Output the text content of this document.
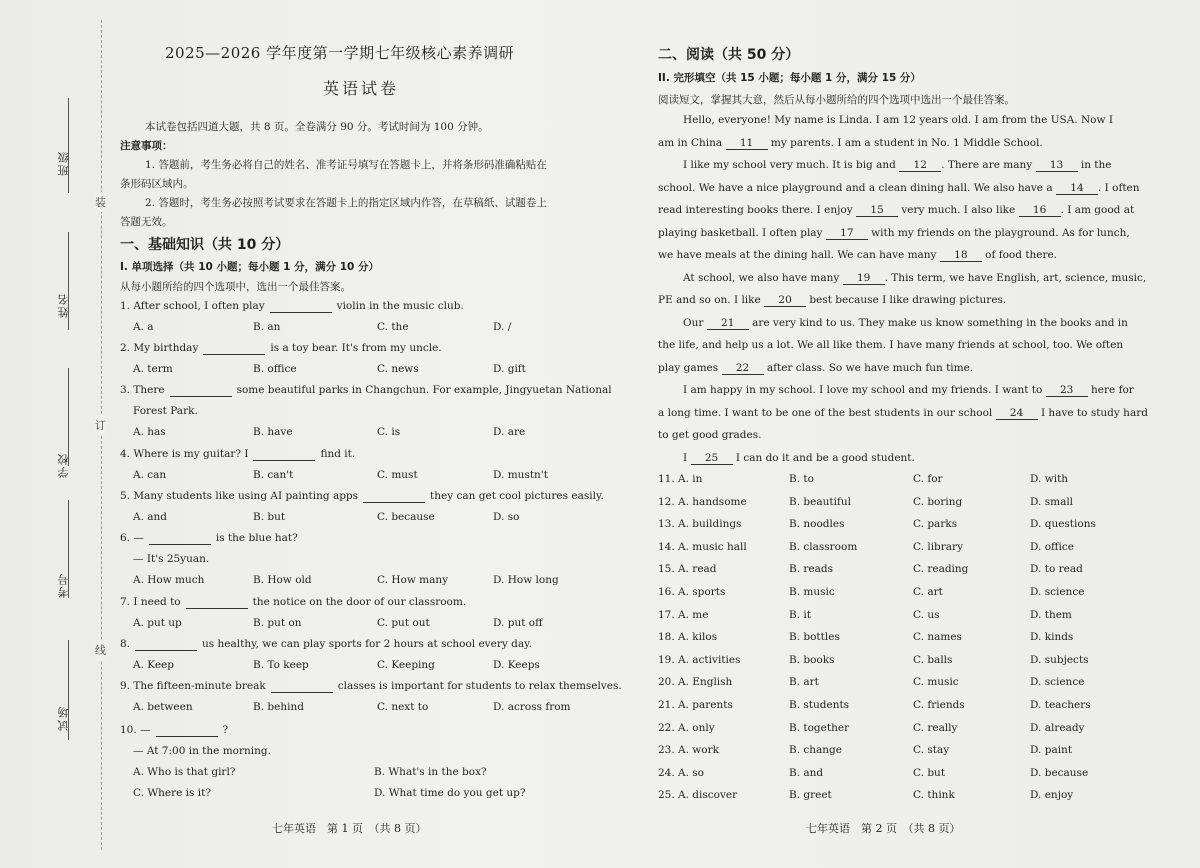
班级
姓名
学校
考号
试场
装
订
线
2025—2026 学年度第一学期七年级核心素养调研
英语试卷
本试卷包括四道大题，共 8 页。全卷满分 90 分。考试时间为 100 分钟。
注意事项：
1. 答题前，考生务必将自己的姓名、准考证号填写在答题卡上，并将条形码准确粘贴在
条形码区域内。
2. 答题时，考生务必按照考试要求在答题卡上的指定区域内作答，在草稿纸、试题卷上
答题无效。
一、基础知识（共 10 分）
I. 单项选择（共 10 小题；每小题 1 分，满分 10 分）
从每小题所给的四个选项中，选出一个最佳答案。
1. After school, I often play	violin in the music club.
A. a	B. an	C. the	D. /
2. My birthday	is a toy bear. It's from my uncle.
A. term	B. office	C. news	D. gift
3. There	some beautiful parks in Changchun. For example, Jingyuetan National
Forest Park.
A. has	B. have	C. is	D. are
4. Where is my guitar? I	find it.
A. can	B. can't	C. must	D. mustn't
5. Many students like using AI painting apps	they can get cool pictures easily.
A. and	B. but	C. because	D. so
6. —	is the blue hat?
— It's 25yuan.
A. How much	B. How old	C. How many	D. How long
7. I need to	the notice on the door of our classroom.
A. put up	B. put on	C. put out	D. put off
8.	us healthy, we can play sports for 2 hours at school every day.
A. Keep	B. To keep	C. Keeping	D. Keeps
9. The fifteen-minute break	classes is important for students to relax themselves.
A. between	B. behind	C. next to	D. across from
10. —	?
— At 7:00 in the morning.
A. Who is that girl?	B. What's in the box?
C. Where is it?	D. What time do you get up?
七年英语　第 1 页　（共 8 页）
二、阅读（共 50 分）
II. 完形填空（共 15 小题；每小题 1 分，满分 15 分）
阅读短文，掌握其大意，然后从每小题所给的四个选项中选出一个最佳答案。
Hello, everyone! My name is Linda. I am 12 years old. I am from the USA. Now I
am in China 11 my parents. I am a student in No. 1 Middle School.
I like my school very much. It is big and 12 . There are many 13 in the
school. We have a nice playground and a clean dining hall. We also have a 14 . I often
read interesting books there. I enjoy 15 very much. I also like 16 . I am good at
playing basketball. I often play 17 with my friends on the playground. As for lunch,
we have meals at the dining hall. We can have many 18 of food there.
At school, we also have many 19 . This term, we have English, art, science, music,
PE and so on. I like 20 best because I like drawing pictures.
Our 21 are very kind to us. They make us know something in the books and in
the life, and help us a lot. We all like them. I have many friends at school, too. We often
play games 22 after class. So we have much fun time.
I am happy in my school. I love my school and my friends. I want to 23 here for
a long time. I want to be one of the best students in our school 24 I have to study hard
to get good grades.
I 25 I can do it and be a good student.
11. A. in	B. to	C. for	D. with
12. A. handsome	B. beautiful	C. boring	D. small
13. A. buildings	B. noodles	C. parks	D. questions
14. A. music hall	B. classroom	C. library	D. office
15. A. read	B. reads	C. reading	D. to read
16. A. sports	B. music	C. art	D. science
17. A. me	B. it	C. us	D. them
18. A. kilos	B. bottles	C. names	D. kinds
19. A. activities	B. books	C. balls	D. subjects
20. A. English	B. art	C. music	D. science
21. A. parents	B. students	C. friends	D. teachers
22. A. only	B. together	C. really	D. already
23. A. work	B. change	C. stay	D. paint
24. A. so	B. and	C. but	D. because
25. A. discover	B. greet	C. think	D. enjoy
七年英语　第 2 页　（共 8 页）
